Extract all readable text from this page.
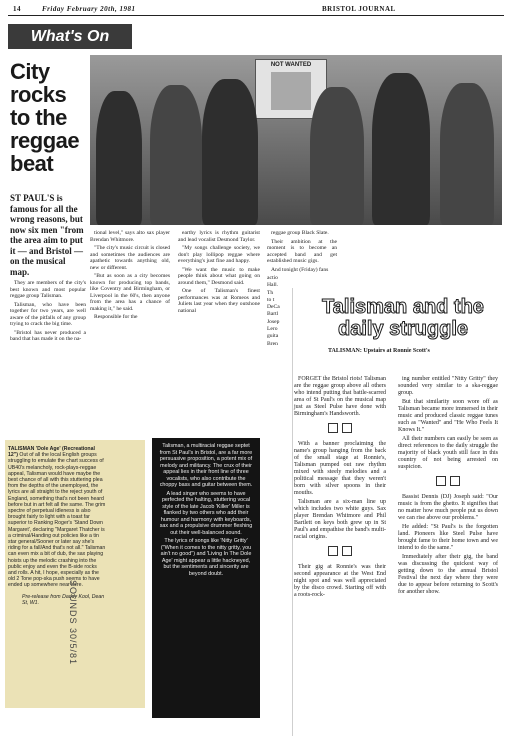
14	Friday February 20th, 1981	BRISTOL JOURNAL
What's On
City
rocks
to the
reggae
beat
NOT WANTED

ST PAUL'S is famous for all the wrong reasons, but now six men "from the area aim to put it — and Bristol — on the musical map.

They are members of the city's best known and most popular reggae group Talisman.

Talisman, who have been together for two years, are well aware of the pitfalls of any group trying to crack the big time.

"Bristol has never produced a band that has made it on the na-

tional level," says alto sax player Brendan Whitmore.

"The city's music circuit is closed and sometimes the audiences are apathetic towards anything old, new or different.

"But as soon as a city becomes known for producing top bands, like Coventry and Birmingham, or Liverpool in the 60's, then anyone from the area has a chance of making it," he said.

Responsible for the

earthy lyrics is rhythm guitarist and lead vocalist Desmond Taylor.

"My songs challenge society, we don't play lollipop reggae where everything's just fine and happy.

"We want the music to make people think about what going on around them," Desmond said.

One of Talisman's finest performances was at Romeos and Juliets last year when they outshone national

reggae group Black Slate.

Their ambition at the moment is to become an accepted band and get established music gigs.

And tonight (Friday) fans

actio
Hall.
Th
to t
DeCa
Bartl
Josep
Lero
guita
Bren
Talisman and the
daily struggle
TALISMAN: Upstairs at Ronnie Scott's

FORGET the Bristol riots! Talisman are the reggae group above all others who intend putting that battle-scarred area of St Paul's on the musical map just as Steel Pulse have done with Birmingham's Handsworth.

With a banner proclaiming the name's group hanging from the back of the small stage at Ronnie's, Talisman pumped out raw rhythm mixed with steely melodies and a political message that they weren't born with silver spoons in their mouths.

Talisman are a six-man line up which includes two white guys. Sax player Brendan Whitmore and Phil Bartlett on keys both grew up in St Paul's and empathise the band's multi-racial origins.

Their gig at Ronnie's was their second appearance at the West End night spot and was well appreciated by the disco crowd. Starting off with a roots-rock-

ing number entitled "Nitty Gritty" they sounded very similar to a ska-reggae group.

But that similarity soon wore off as Talisman became more immersed in their music and produced classic reggae tunes such as "Wanted" and "He Who Feels It Knows It."

All their numbers can easily be seen as direct references to the daily struggle the majority of black youth still face in this country of not being arrested on suspicion.

Bassist Dennis (DJ) Joseph said: "Our music is from the ghetto. It signifies that no matter how much people put us down we can rise above our problems."

He added: "St Paul's is the forgotten land. Pioneers like Steel Pulse have brought fame to their home town and we intend to do the same."

Immediately after their gig, the band was discussing the quickest way of getting down to the annual Bristol Festival the next day where they were due to appear before returning to Scott's for another show.

TALISMAN 'Dole Age' (Recreational 12") Out of all the local English groups struggling to emulate the chart success of UB40's melancholy, rock-plays-reggae appeal, Talisman would have maybe the best chance of all with this stuttering plea from the depths of the unemployed, the lyrics are all straight to the reject youth of England, something that's not been heard before but in art felt all the same. The grim spectre of perpetual idleness is also brought fairly to light with a toast far superior to Ranking Roger's 'Stand Down Margaret', declaring "Margaret Thatcher is a criminal/Handing out policies like a tin star general/Sooner or later say she's riding for a fall/And that's not all." Talisman can even mix a bit of dub, the sax playing hoists up the melodic crashing into the public enjoy and even the B-side rocks and rolls. A hit, I hope, especially as the old 2 Tone pop-ska push seems to have ended up somewhere near here.
Pre-release from Daddy Kool, Dean St, W1.	SOUNDS 30/5/81

Talisman, a multiracial reggae septet from St Paul's in Bristol, are a far more persuasive proposition, a potent mix of melody and militancy. The crux of their appeal lies in their front line of three vocalists, who also contribute the choppy bass and guitar between them.

A lead singer who seems to have perfected the halting, stuttering vocal style of the late Jacob 'Killer' Miller is flanked by two others who add their humour and harmony with keyboards, sax and a propulsive drummer fleshing out their well-balanced sound.

The lyrics of songs like 'Nitty Gritty' ("When it comes to the nitty gritty, you ain't no good") and 'Living In The Dole Age' might appear a little hackneyed, but the sentiments and sincerity are beyond doubt.
